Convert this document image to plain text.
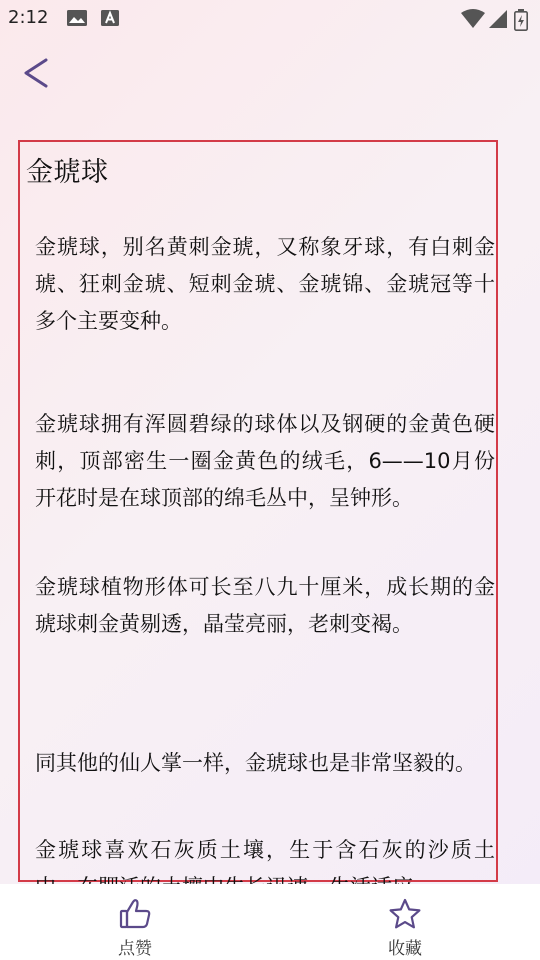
2:12
金琥球

金琥球，别名黄刺金琥，又称象牙球，有白刺金琥、狂刺金琥、短刺金琥、金琥锦、金琥冠等十多个主要变种。

金琥球拥有浑圆碧绿的球体以及钢硬的金黄色硬刺，顶部密生一圈金黄色的绒毛，6——10月份开花时是在球顶部的绵毛丛中，呈钟形。

金琥球植物形体可长至八九十厘米，成长期的金琥球刺金黄剔透，晶莹亮丽，老刺变褐。

同其他的仙人掌一样，金琥球也是非常坚毅的。

金琥球喜欢石灰质土壤，生于含石灰的沙质土

点赞	收藏
